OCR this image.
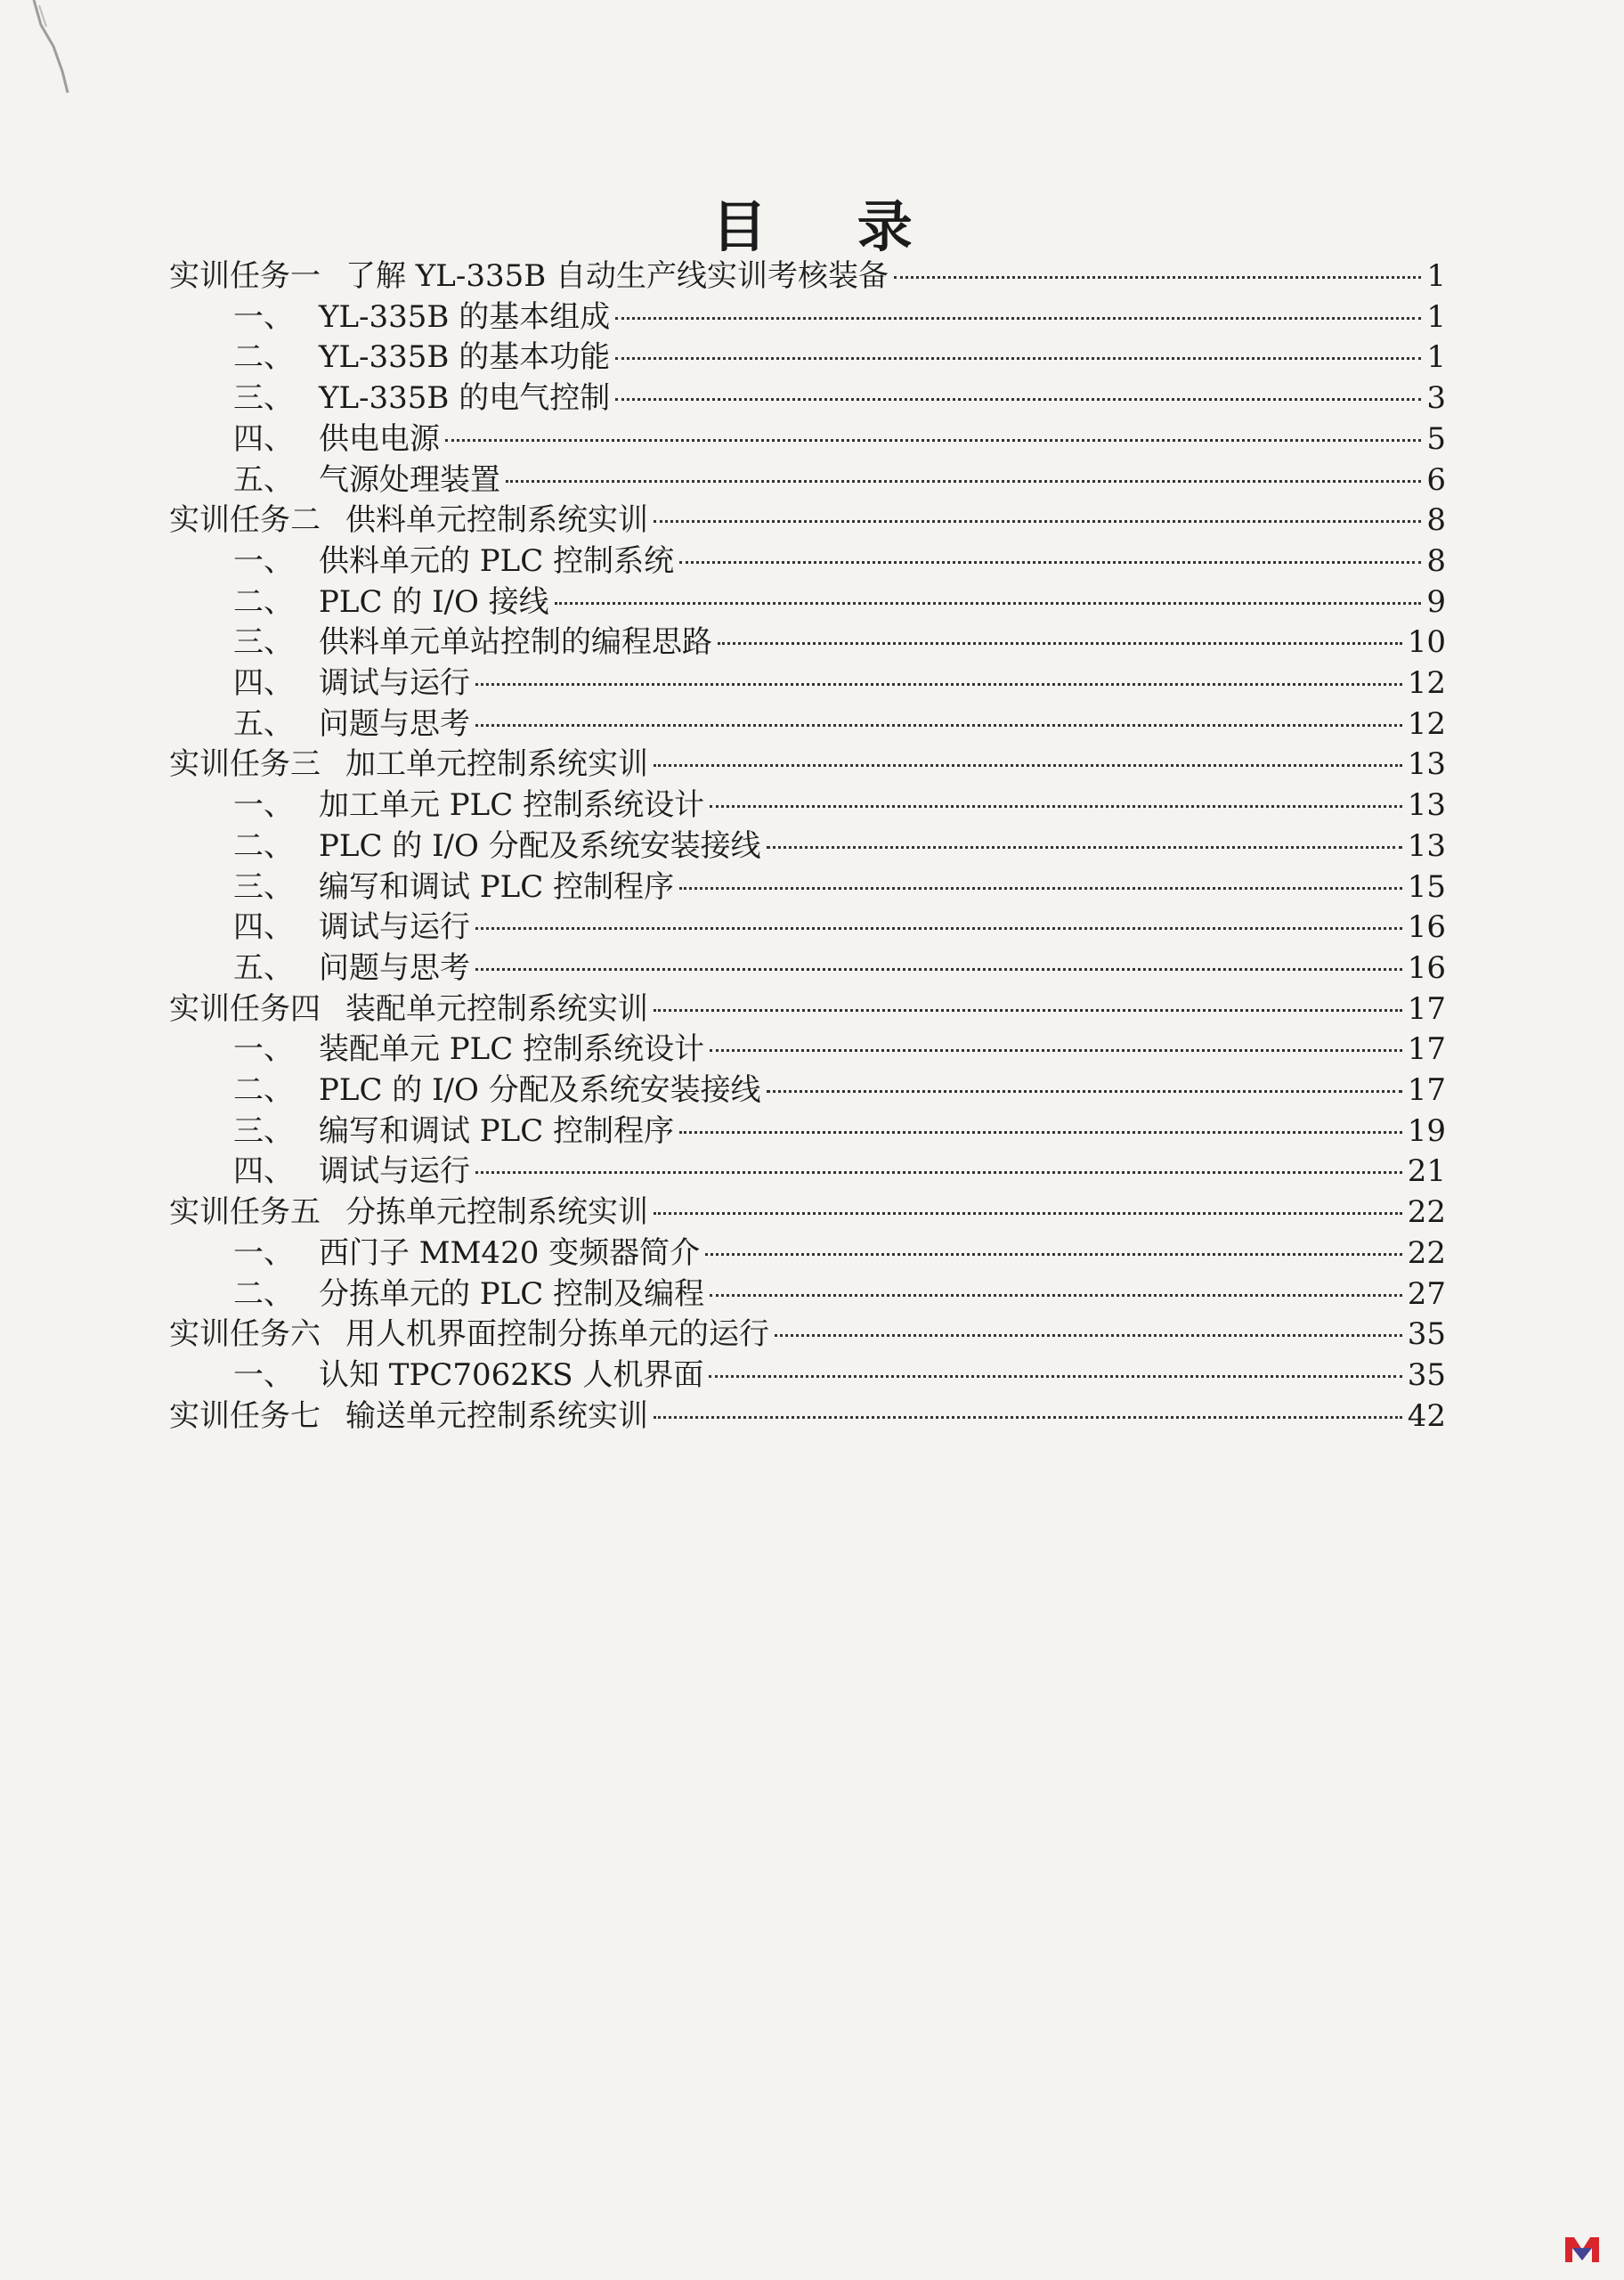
目 录
实训任务一 了解 YL-335B 自动生产线实训考核装备	1
一、 YL-335B 的基本组成	1
二、 YL-335B 的基本功能	1
三、 YL-335B 的电气控制	3
四、 供电电源	5
五、 气源处理装置	6
实训任务二 供料单元控制系统实训	8
一、 供料单元的 PLC 控制系统	8
二、 PLC 的 I/O 接线	9
三、 供料单元单站控制的编程思路	10
四、 调试与运行	12
五、 问题与思考	12
实训任务三 加工单元控制系统实训	13
一、 加工单元 PLC 控制系统设计	13
二、 PLC 的 I/O 分配及系统安装接线	13
三、 编写和调试 PLC 控制程序	15
四、 调试与运行	16
五、 问题与思考	16
实训任务四 装配单元控制系统实训	17
一、 装配单元 PLC 控制系统设计	17
二、 PLC 的 I/O 分配及系统安装接线	17
三、 编写和调试 PLC 控制程序	19
四、 调试与运行	21
实训任务五 分拣单元控制系统实训	22
一、 西门子 MM420 变频器简介	22
二、 分拣单元的 PLC 控制及编程	27
实训任务六 用人机界面控制分拣单元的运行	35
一、 认知 TPC7062KS 人机界面	35
实训任务七 输送单元控制系统实训	42
